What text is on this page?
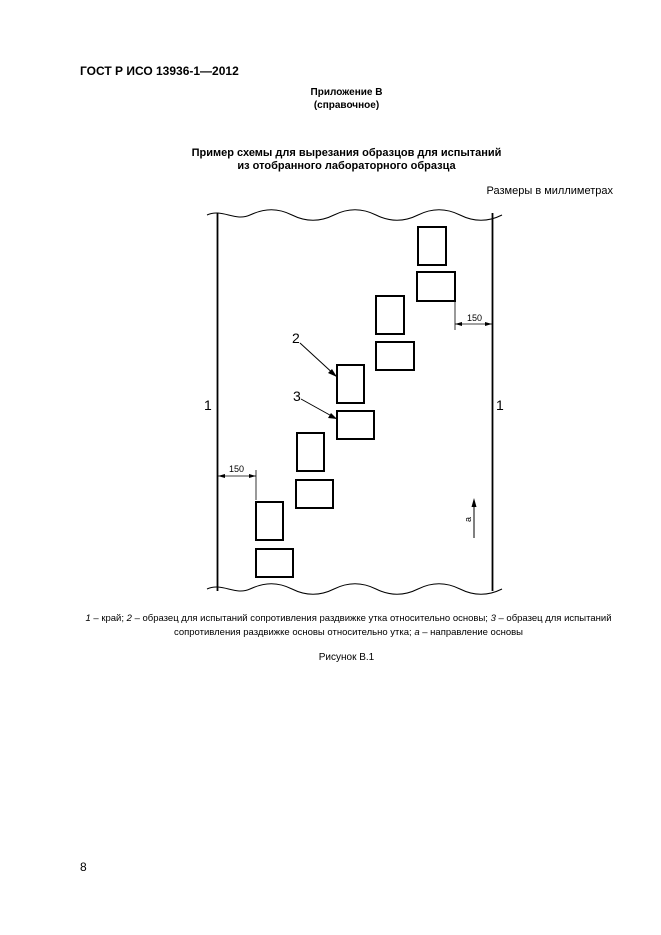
ГОСТ Р ИСО 13936-1—2012
Приложение В
(справочное)
Пример схемы для вырезания образцов для испытаний
из отобранного лабораторного образца
Размеры в миллиметрах
1	1
2
3
150
150
a
1 – край; 2 – образец для испытаний сопротивления раздвижке утка относительно основы; 3 – образец для испытаний сопротивления раздвижке основы относительно утка; а – направление основы
Рисунок В.1
8
